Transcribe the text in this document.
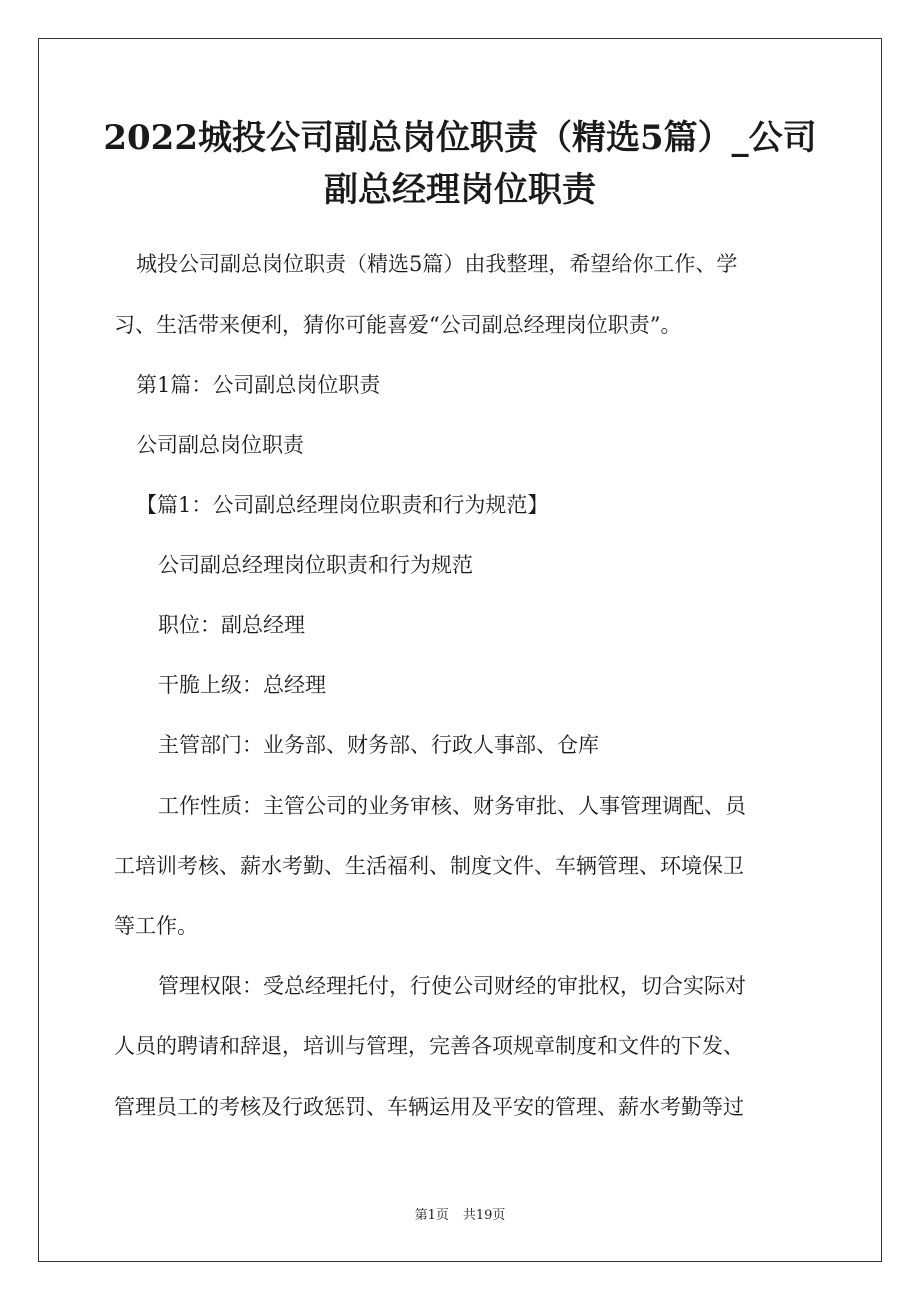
2022城投公司副总岗位职责（精选5篇）_公司
副总经理岗位职责

城投公司副总岗位职责（精选5篇）由我整理，希望给你工作、学

习、生活带来便利，猜你可能喜爱“公司副总经理岗位职责”。

第1篇：公司副总岗位职责

公司副总岗位职责

【篇1：公司副总经理岗位职责和行为规范】

公司副总经理岗位职责和行为规范

职位：副总经理

干脆上级：总经理

主管部门：业务部、财务部、行政人事部、仓库

工作性质：主管公司的业务审核、财务审批、人事管理调配、员

工培训考核、薪水考勤、生活福利、制度文件、车辆管理、环境保卫

等工作。

管理权限：受总经理托付，行使公司财经的审批权，切合实际对

人员的聘请和辞退，培训与管理，完善各项规章制度和文件的下发、

管理员工的考核及行政惩罚、车辆运用及平安的管理、薪水考勤等过

第1页 共19页
